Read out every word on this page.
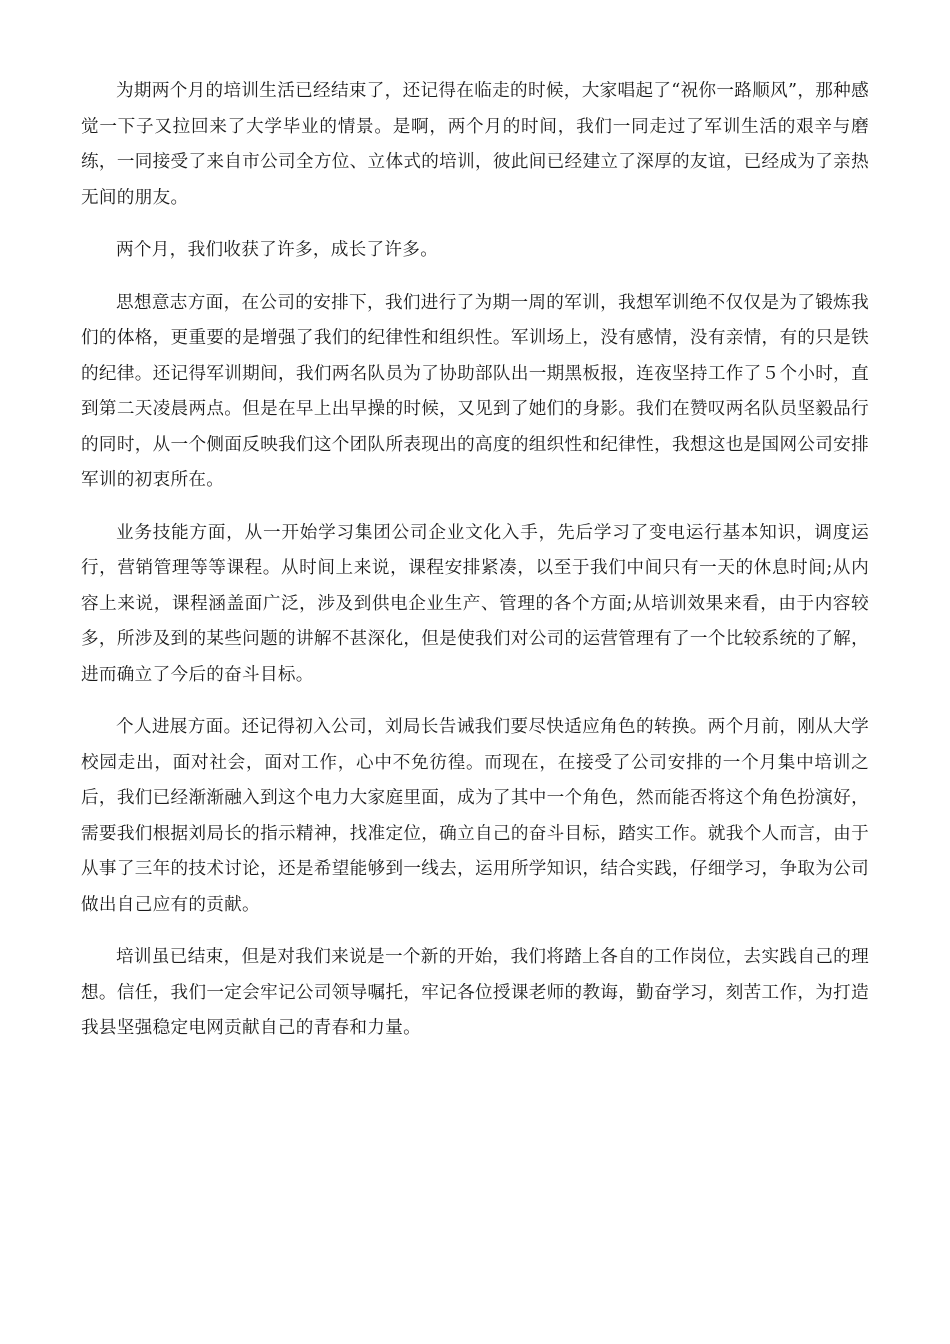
为期两个月的培训生活已经结束了，还记得在临走的时候，大家唱起了“祝你一路顺风”，那种感觉一下子又拉回来了大学毕业的情景。是啊，两个月的时间，我们一同走过了军训生活的艰辛与磨练，一同接受了来自市公司全方位、立体式的培训，彼此间已经建立了深厚的友谊，已经成为了亲热无间的朋友。

两个月，我们收获了许多，成长了许多。

思想意志方面，在公司的安排下，我们进行了为期一周的军训，我想军训绝不仅仅是为了锻炼我们的体格，更重要的是增强了我们的纪律性和组织性。军训场上，没有感情，没有亲情，有的只是铁的纪律。还记得军训期间，我们两名队员为了协助部队出一期黑板报，连夜坚持工作了５个小时，直到第二天凌晨两点。但是在早上出早操的时候，又见到了她们的身影。我们在赞叹两名队员坚毅品行的同时，从一个侧面反映我们这个团队所表现出的高度的组织性和纪律性，我想这也是国网公司安排军训的初衷所在。

业务技能方面，从一开始学习集团公司企业文化入手，先后学习了变电运行基本知识，调度运行，营销管理等等课程。从时间上来说，课程安排紧凑，以至于我们中间只有一天的休息时间;从内容上来说，课程涵盖面广泛，涉及到供电企业生产、管理的各个方面;从培训效果来看，由于内容较多，所涉及到的某些问题的讲解不甚深化，但是使我们对公司的运营管理有了一个比较系统的了解，进而确立了今后的奋斗目标。

个人进展方面。还记得初入公司，刘局长告诫我们要尽快适应角色的转换。两个月前，刚从大学校园走出，面对社会，面对工作，心中不免彷徨。而现在，在接受了公司安排的一个月集中培训之后，我们已经渐渐融入到这个电力大家庭里面，成为了其中一个角色，然而能否将这个角色扮演好，需要我们根据刘局长的指示精神，找准定位，确立自己的奋斗目标，踏实工作。就我个人而言，由于从事了三年的技术讨论，还是希望能够到一线去，运用所学知识，结合实践，仔细学习，争取为公司做出自己应有的贡献。

培训虽已结束，但是对我们来说是一个新的开始，我们将踏上各自的工作岗位，去实践自己的理想。信任，我们一定会牢记公司领导嘱托，牢记各位授课老师的教诲，勤奋学习，刻苦工作，为打造我县坚强稳定电网贡献自己的青春和力量。
